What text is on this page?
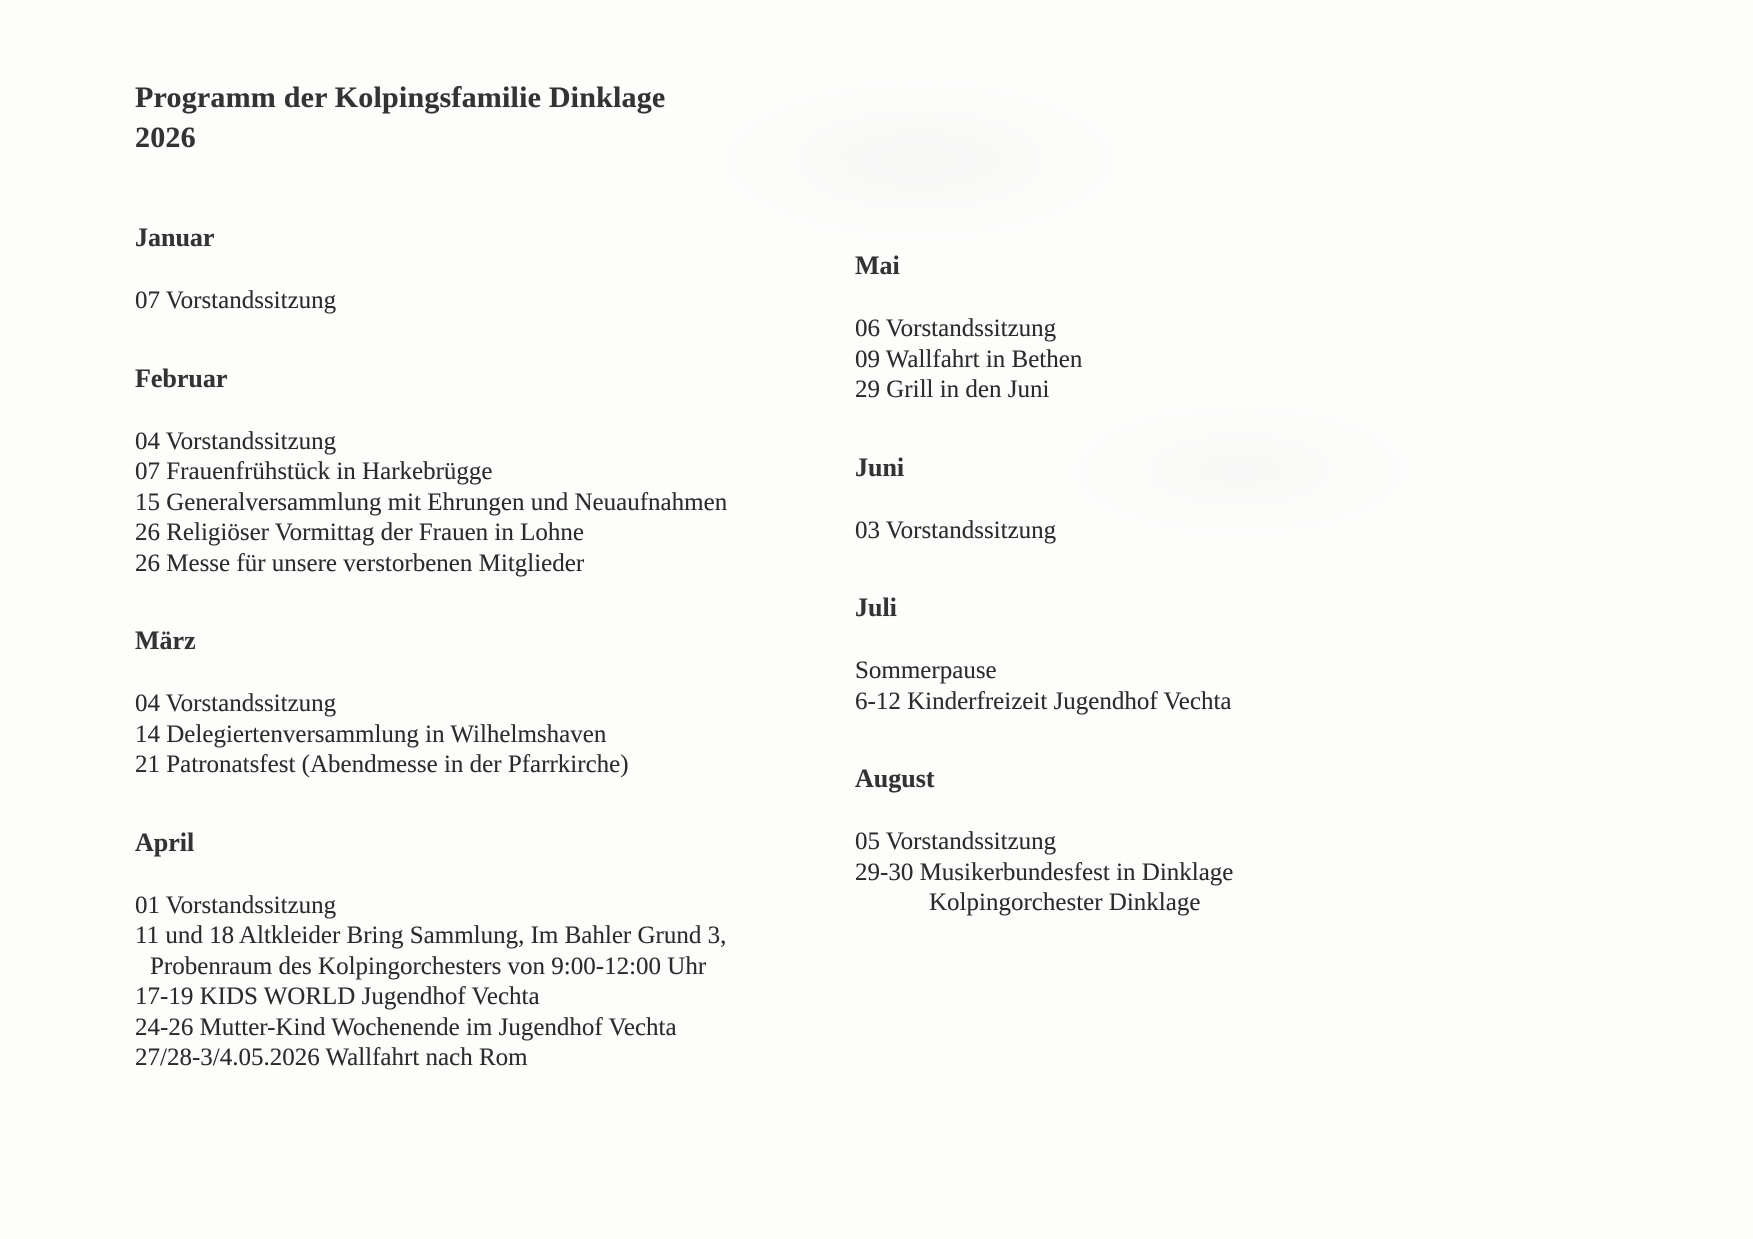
Programm der Kolpingsfamilie Dinklage
2026
Januar
07 Vorstandssitzung
Februar
04 Vorstandssitzung
07 Frauenfrühstück in Harkebrügge
15 Generalversammlung mit Ehrungen und Neuaufnahmen
26 Religiöser Vormittag der Frauen in Lohne
26 Messe für unsere verstorbenen Mitglieder
März
04 Vorstandssitzung
14 Delegiertenversammlung in Wilhelmshaven
21 Patronatsfest (Abendmesse in der Pfarrkirche)
April
01 Vorstandssitzung
11 und 18 Altkleider Bring Sammlung, Im Bahler Grund 3,
Probenraum des Kolpingorchesters von 9:00-12:00 Uhr
17-19 KIDS WORLD Jugendhof Vechta
24-26 Mutter-Kind Wochenende im Jugendhof Vechta
27/28-3/4.05.2026 Wallfahrt nach Rom
Mai
06 Vorstandssitzung
09 Wallfahrt in Bethen
29 Grill in den Juni
Juni
03 Vorstandssitzung
Juli
Sommerpause
6-12 Kinderfreizeit Jugendhof Vechta
August
05 Vorstandssitzung
29-30 Musikerbundesfest in Dinklage
Kolpingorchester Dinklage
